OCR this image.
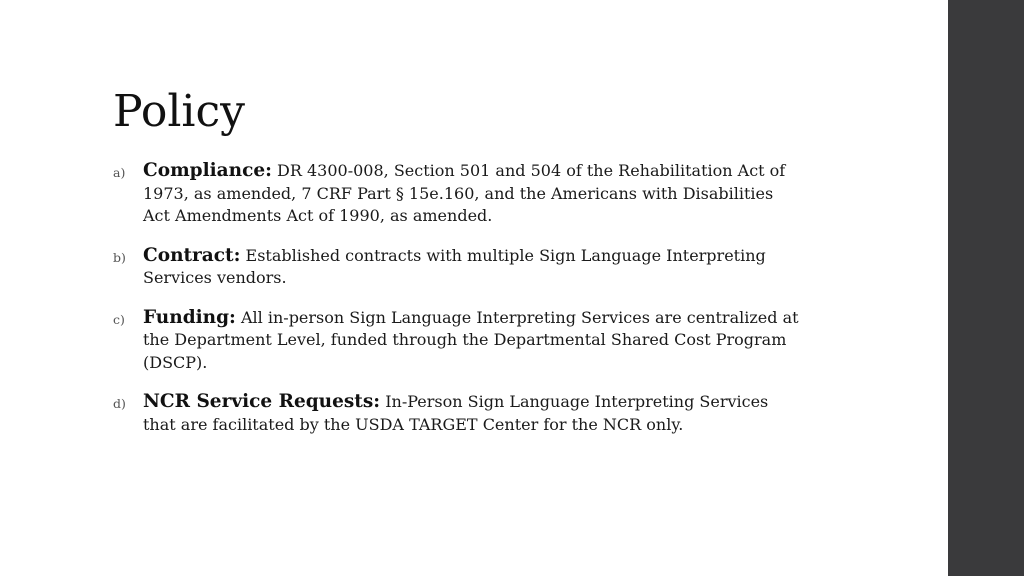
Policy
a) Compliance: DR 4300-008, Section 501 and 504 of the Rehabilitation Act of 1973, as amended, 7 CRF Part § 15e.160, and the Americans with Disabilities Act Amendments Act of 1990, as amended.
b) Contract: Established contracts with multiple Sign Language Interpreting Services vendors.
c) Funding: All in-person Sign Language Interpreting Services are centralized at the Department Level, funded through the Departmental Shared Cost Program (DSCP).
d) NCR Service Requests: In-Person Sign Language Interpreting Services that are facilitated by the USDA TARGET Center for the NCR only.
